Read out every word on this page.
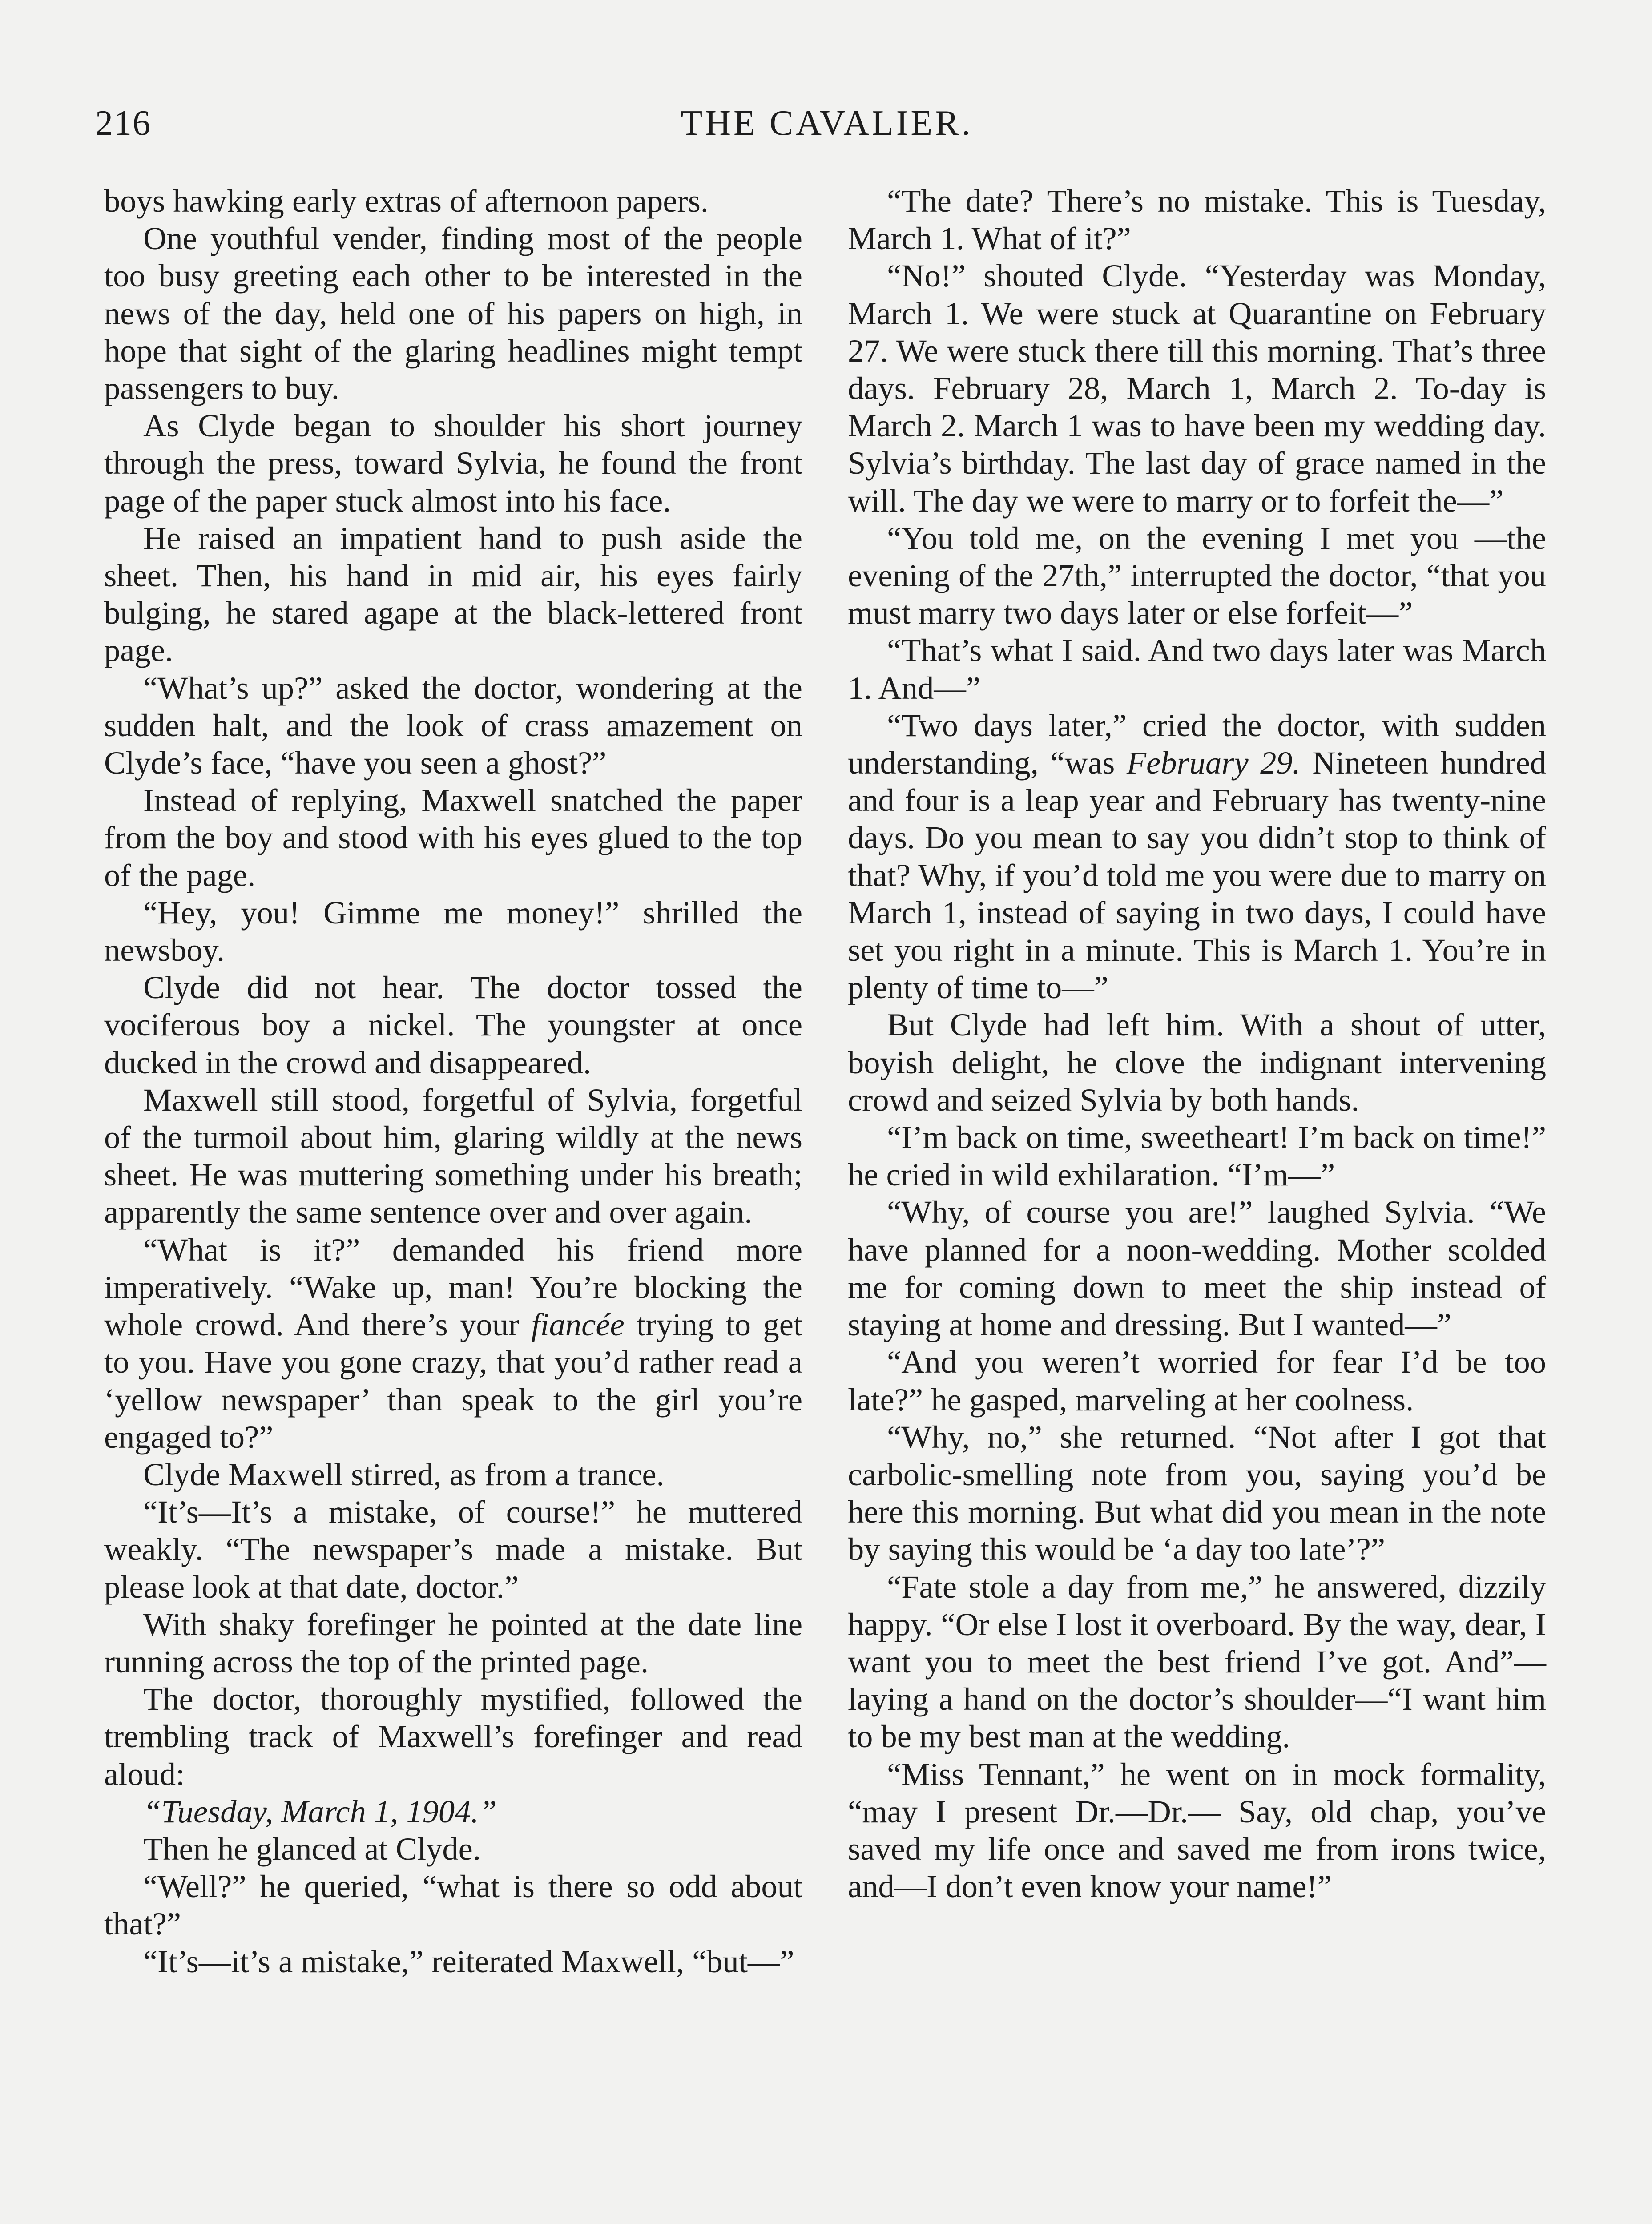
216	THE CAVALIER.

boys hawking early extras of afternoon papers.

One youthful vender, finding most of the people too busy greeting each other to be interested in the news of the day, held one of his papers on high, in hope that sight of the glaring headlines might tempt passengers to buy.

As Clyde began to shoulder his short journey through the press, toward Sylvia, he found the front page of the paper stuck almost into his face.

He raised an impatient hand to push aside the sheet. Then, his hand in mid air, his eyes fairly bulging, he stared agape at the black-lettered front page.

“What’s up?” asked the doctor, wondering at the sudden halt, and the look of crass amazement on Clyde’s face, “have you seen a ghost?”

Instead of replying, Maxwell snatched the paper from the boy and stood with his eyes glued to the top of the page.

“Hey, you! Gimme me money!” shrilled the newsboy.

Clyde did not hear. The doctor tossed the vociferous boy a nickel. The youngster at once ducked in the crowd and disappeared.

Maxwell still stood, forgetful of Sylvia, forgetful of the turmoil about him, glaring wildly at the news sheet. He was muttering something under his breath; apparently the same sentence over and over again.

“What is it?” demanded his friend more imperatively. “Wake up, man! You’re blocking the whole crowd. And there’s your fiancée trying to get to you. Have you gone crazy, that you’d rather read a ‘yellow newspaper’ than speak to the girl you’re engaged to?”

Clyde Maxwell stirred, as from a trance.

“It’s—It’s a mistake, of course!” he muttered weakly. “The newspaper’s made a mistake. But please look at that date, doctor.”

With shaky forefinger he pointed at the date line running across the top of the printed page.

The doctor, thoroughly mystified, followed the trembling track of Maxwell’s forefinger and read aloud:

“Tuesday, March 1, 1904.”

Then he glanced at Clyde.

“Well?” he queried, “what is there so odd about that?”

“It’s—it’s a mistake,” reiterated Maxwell, “but—”

“The date? There’s no mistake. This is Tuesday, March 1. What of it?”

“No!” shouted Clyde. “Yesterday was Monday, March 1. We were stuck at Quarantine on February 27. We were stuck there till this morning. That’s three days. February 28, March 1, March 2. To-day is March 2. March 1 was to have been my wedding day. Sylvia’s birthday. The last day of grace named in the will. The day we were to marry or to forfeit the—”

“You told me, on the evening I met you —the evening of the 27th,” interrupted the doctor, “that you must marry two days later or else forfeit—”

“That’s what I said. And two days later was March 1. And—”

“Two days later,” cried the doctor, with sudden understanding, “was February 29. Nineteen hundred and four is a leap year and February has twenty-nine days. Do you mean to say you didn’t stop to think of that? Why, if you’d told me you were due to marry on March 1, instead of saying in two days, I could have set you right in a minute. This is March 1. You’re in plenty of time to—”

But Clyde had left him. With a shout of utter, boyish delight, he clove the indignant intervening crowd and seized Sylvia by both hands.

“I’m back on time, sweetheart! I’m back on time!” he cried in wild exhilaration. “I’m—”

“Why, of course you are!” laughed Sylvia. “We have planned for a noon-wedding. Mother scolded me for coming down to meet the ship instead of staying at home and dressing. But I wanted—”

“And you weren’t worried for fear I’d be too late?” he gasped, marveling at her coolness.

“Why, no,” she returned. “Not after I got that carbolic-smelling note from you, saying you’d be here this morning. But what did you mean in the note by saying this would be ‘a day too late’?”

“Fate stole a day from me,” he answered, dizzily happy. “Or else I lost it overboard. By the way, dear, I want you to meet the best friend I’ve got. And”—laying a hand on the doctor’s shoulder—“I want him to be my best man at the wedding.

“Miss Tennant,” he went on in mock formality, “may I present Dr.—Dr.— Say, old chap, you’ve saved my life once and saved me from irons twice, and—I don’t even know your name!”
